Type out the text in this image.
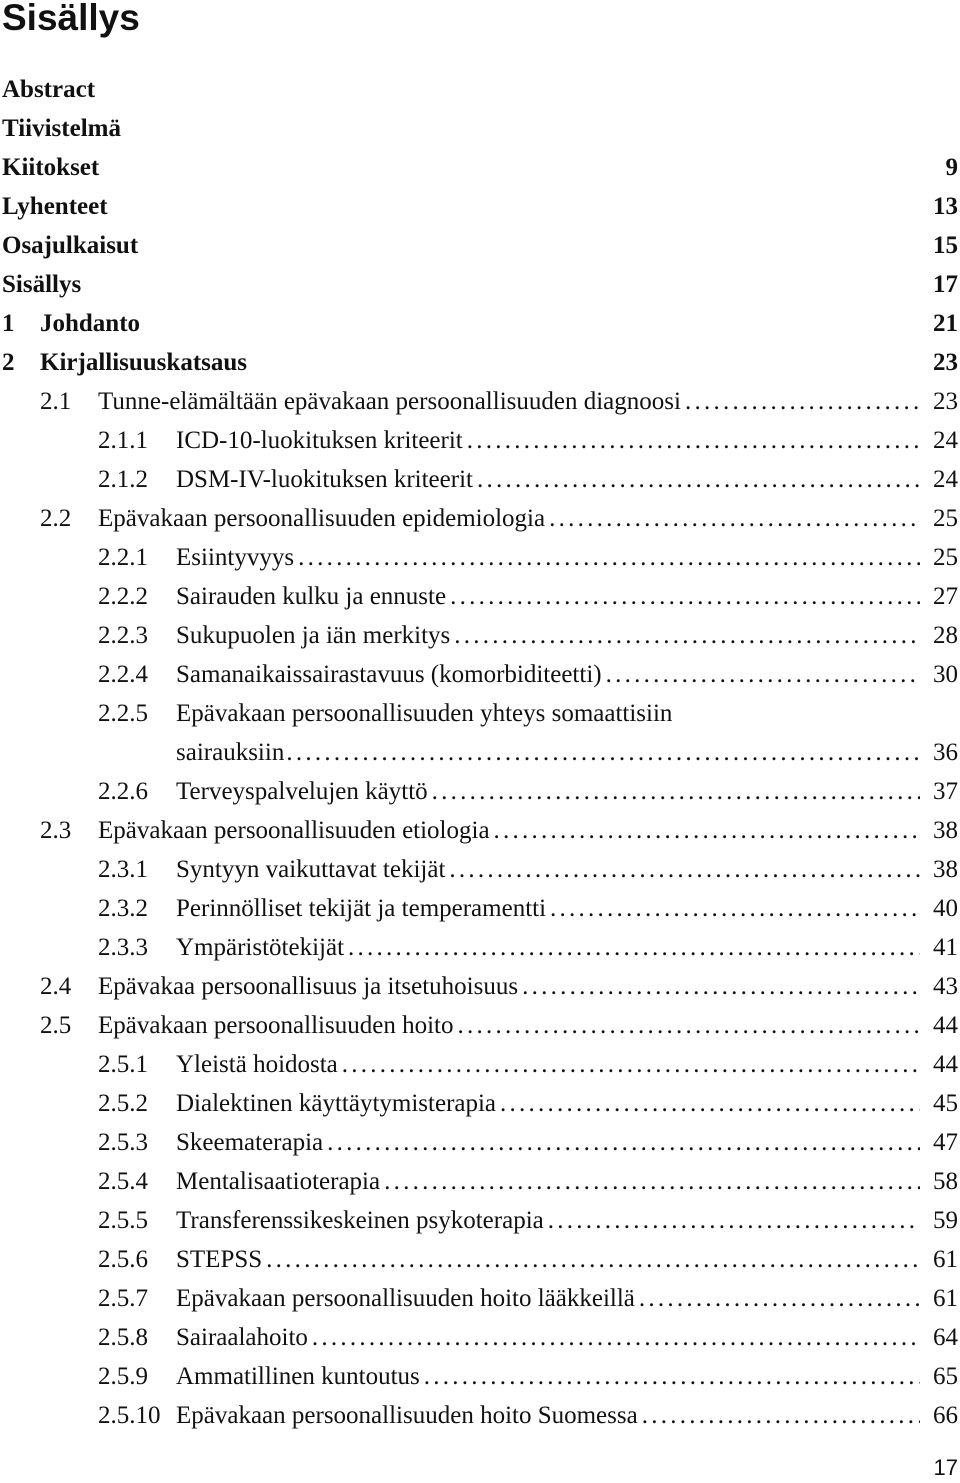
Sisällys
Abstract
Tiivistelmä
Kiitokset	9
Lyhenteet	13
Osajulkaisut	15
Sisällys	17
1 Johdanto	21
2 Kirjallisuuskatsaus	23
2.1 Tunne-elämältään epävakaan persoonallisuuden diagnoosi . . .	23
2.1.1 ICD-10-luokituksen kriteerit . . .	24
2.1.2 DSM-IV-luokituksen kriteerit . . .	24
2.2 Epävakaan persoonallisuuden epidemiologia . . .	25
2.2.1 Esiintyvyys . . .	25
2.2.2 Sairauden kulku ja ennuste . . .	27
2.2.3 Sukupuolen ja iän merkitys . . .	28
2.2.4 Samanaikaissairastavuus (komorbiditeetti) . . .	30
2.2.5 Epävakaan persoonallisuuden yhteys somaattisiin
sairauksiin . . .	36
2.2.6 Terveyspalvelujen käyttö . . .	37
2.3 Epävakaan persoonallisuuden etiologia . . .	38
2.3.1 Syntyyn vaikuttavat tekijät . . .	38
2.3.2 Perinnölliset tekijät ja temperamentti . . .	40
2.3.3 Ympäristötekijät . . .	41
2.4 Epävakaa persoonallisuus ja itsetuhoisuus . . .	43
2.5 Epävakaan persoonallisuuden hoito . . .	44
2.5.1 Yleistä hoidosta . . .	44
2.5.2 Dialektinen käyttäytymisterapia . . .	45
2.5.3 Skeematerapia . . .	47
2.5.4 Mentalisaatioterapia . . .	58
2.5.5 Transferenssikeskeinen psykoterapia . . .	59
2.5.6 STEPSS . . .	61
2.5.7 Epävakaan persoonallisuuden hoito lääkkeillä . . .	61
2.5.8 Sairaalahoito . . .	64
2.5.9 Ammatillinen kuntoutus . . .	65
2.5.10 Epävakaan persoonallisuuden hoito Suomessa . . .	66
17
